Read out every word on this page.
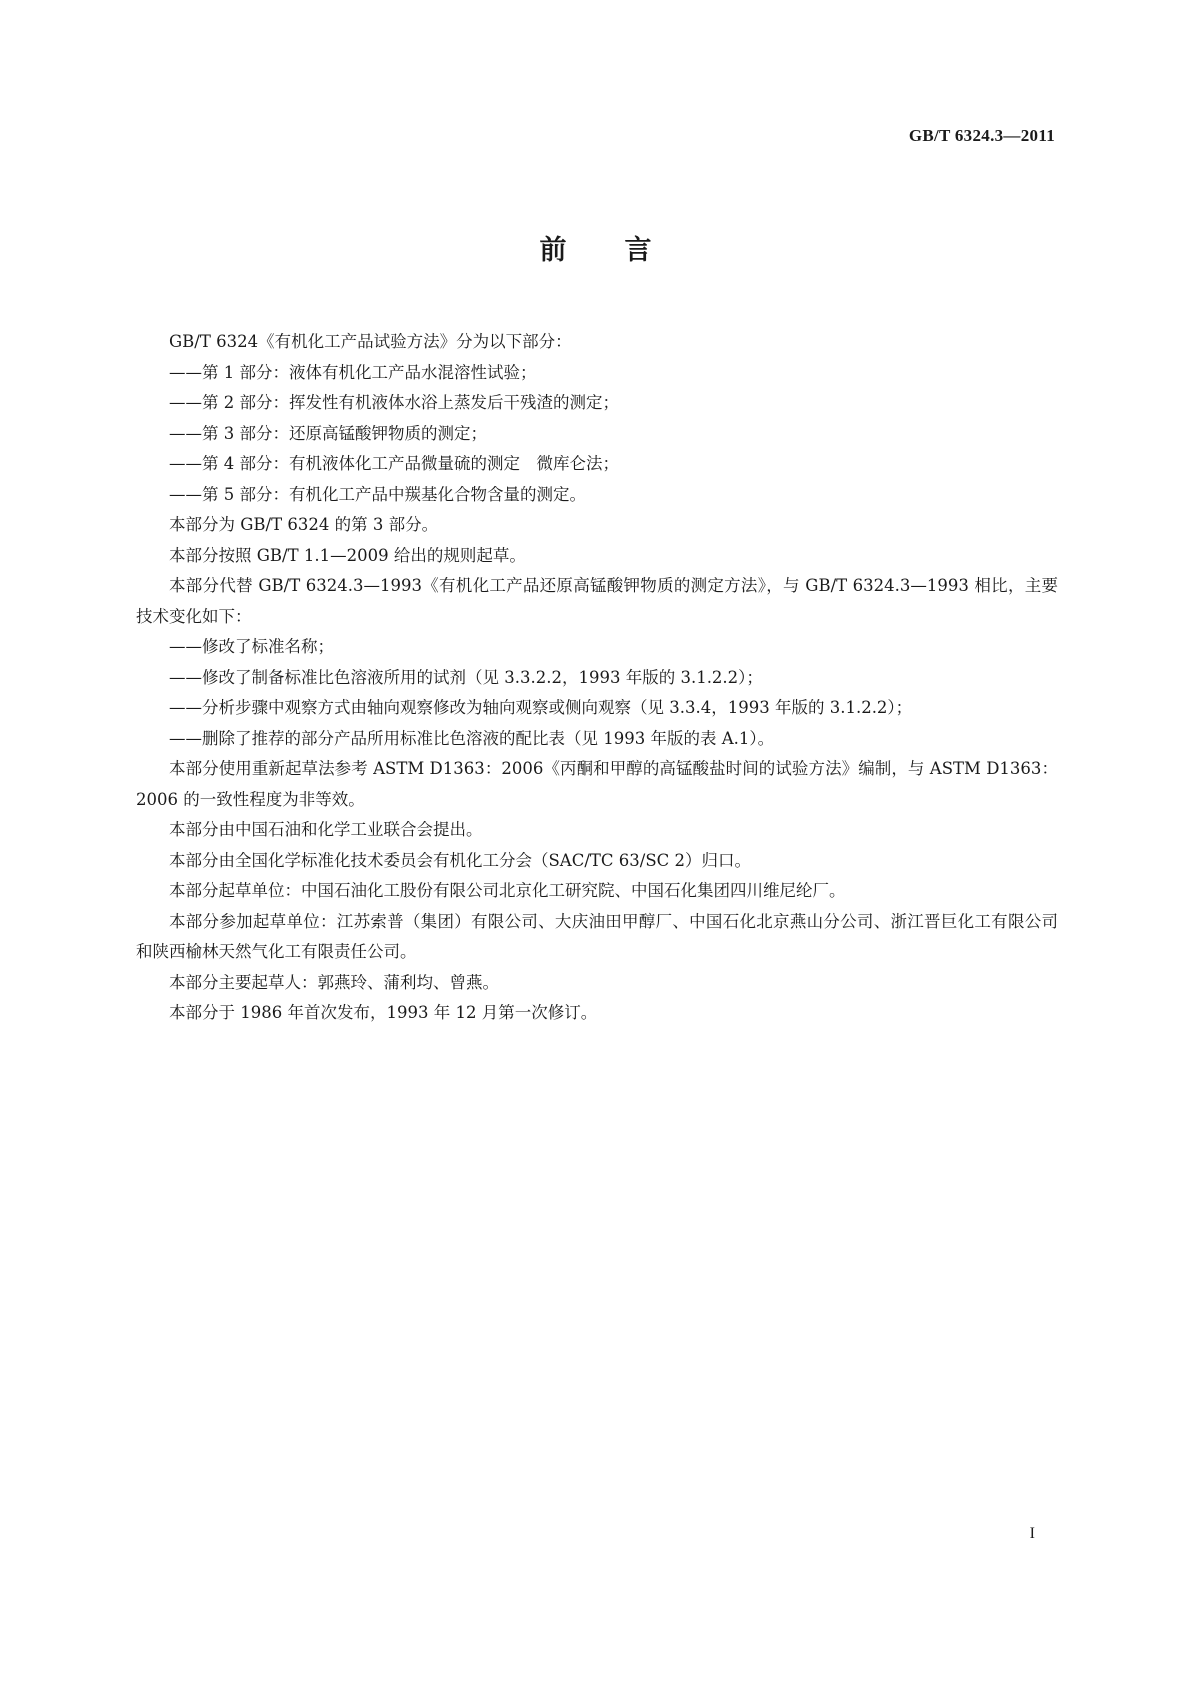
GB/T 6324.3—2011
前言

GB/T 6324《有机化工产品试验方法》分为以下部分：

——第 1 部分：液体有机化工产品水混溶性试验；

——第 2 部分：挥发性有机液体水浴上蒸发后干残渣的测定；

——第 3 部分：还原高锰酸钾物质的测定；

——第 4 部分：有机液体化工产品微量硫的测定　微库仑法；

——第 5 部分：有机化工产品中羰基化合物含量的测定。

本部分为 GB/T 6324 的第 3 部分。

本部分按照 GB/T 1.1—2009 给出的规则起草。

本部分代替 GB/T 6324.3—1993《有机化工产品还原高锰酸钾物质的测定方法》，与 GB/T 6324.3—1993 相比，主要技术变化如下：

——修改了标准名称；

——修改了制备标准比色溶液所用的试剂（见 3.3.2.2，1993 年版的 3.1.2.2）；

——分析步骤中观察方式由轴向观察修改为轴向观察或侧向观察（见 3.3.4，1993 年版的 3.1.2.2）；

——删除了推荐的部分产品所用标准比色溶液的配比表（见 1993 年版的表 A.1）。

本部分使用重新起草法参考 ASTM D1363：2006《丙酮和甲醇的高锰酸盐时间的试验方法》编制，与 ASTM D1363：2006 的一致性程度为非等效。

本部分由中国石油和化学工业联合会提出。

本部分由全国化学标准化技术委员会有机化工分会（SAC/TC 63/SC 2）归口。

本部分起草单位：中国石油化工股份有限公司北京化工研究院、中国石化集团四川维尼纶厂。

本部分参加起草单位：江苏索普（集团）有限公司、大庆油田甲醇厂、中国石化北京燕山分公司、浙江晋巨化工有限公司和陕西榆林天然气化工有限责任公司。

本部分主要起草人：郭燕玲、蒲利均、曾燕。

本部分于 1986 年首次发布，1993 年 12 月第一次修订。

I
